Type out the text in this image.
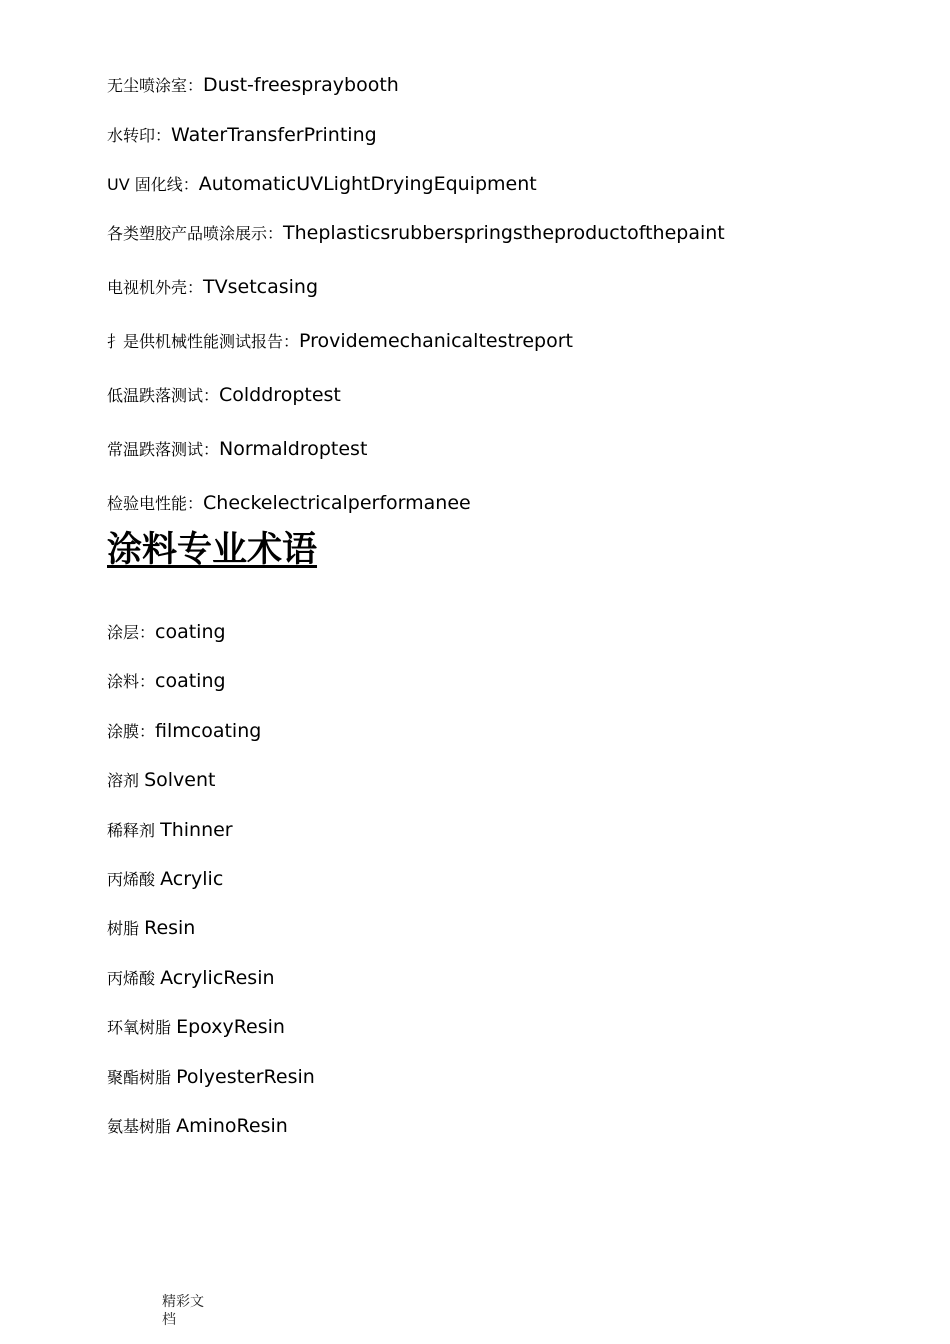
无尘喷涂室：Dust-freespraybooth
水转印：WaterTransferPrinting
UV 固化线：AutomaticUVLightDryingEquipment
各类塑胶产品喷涂展示：Theplasticsrubberspringstheproductofthepaint
电视机外壳：TVsetcasing
扌是供机械性能测试报告：Providemechanicaltestreport
低温跌落测试：Colddroptest
常温跌落测试：Normaldroptest
检验电性能：Checkelectricalperformanee
涂料专业术语
涂层：coating
涂料：coating
涂膜：filmcoating
溶剂 Solvent
稀释剂 Thinner
丙烯酸 Acrylic
树脂 Resin
丙烯酸 AcrylicResin
环氧树脂 EpoxyResin
聚酯树脂 PolyesterResin
氨基树脂 AminoResin
精彩文档
